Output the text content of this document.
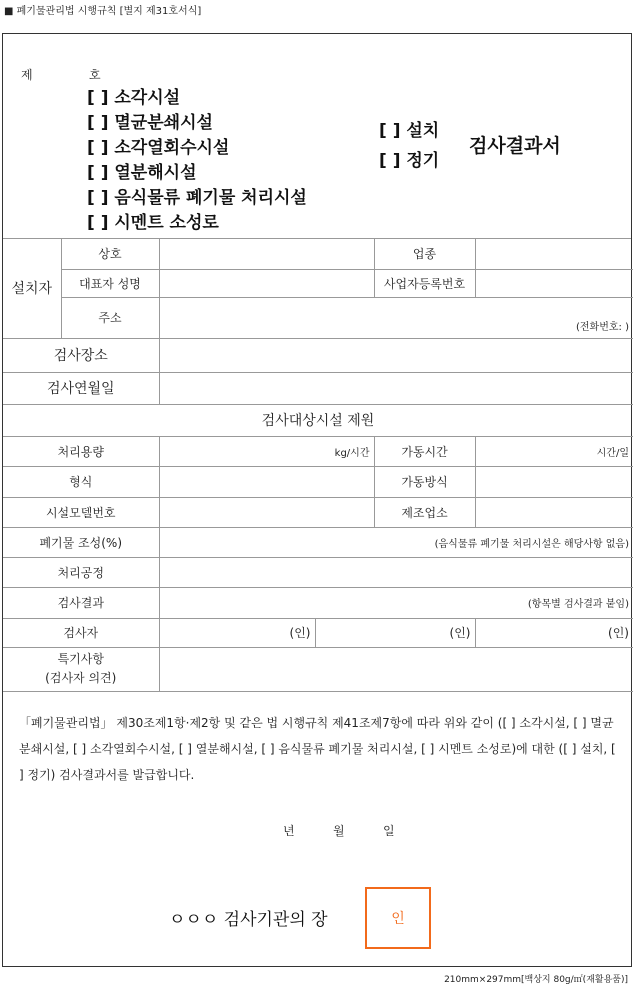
■ 폐기물관리법 시행규칙 [별지 제31호서식]
제	호
[ ] 소각시설
[ ] 멸균분쇄시설
[ ] 소각열회수시설
[ ] 열분해시설
[ ] 음식물류 폐기물 처리시설
[ ] 시멘트 소성로
[ ] 설치
[ ] 정기
검사결과서
설치자	상호			업종	
	대표자 성명			사업자등록번호	
	주소	(전화번호: )			
검사장소					
검사연월일					
검사대상시설 제원					
처리용량		kg/시간		가동시간	시간/일
형식				가동방식	
시설모델번호				제조업소	
폐기물 조성(%)		(음식물류 폐기물 처리시설은 해당사항 없음)			
처리공정					
검사결과		(항목별 검사결과 붙임)			
검사자		(인)	(인)		(인)
특기사항
(검사자 의견)					
「폐기물관리법」 제30조제1항·제2항 및 같은 법 시행규칙 제41조제7항에 따라 위와 같이 ([ ] 소각시설, [ ] 멸균분쇄시설, [ ] 소각열회수시설, [ ] 열분해시설, [ ] 음식물류 폐기물 처리시설, [ ] 시멘트 소성로)에 대한 ([ ] 설치, [ ] 정기) 검사결과서를 발급합니다.
년	월	일
ㅇㅇㅇ 검사기관의 장	인
210mm×297mm[백상지 80g/㎡(재활용품)]
